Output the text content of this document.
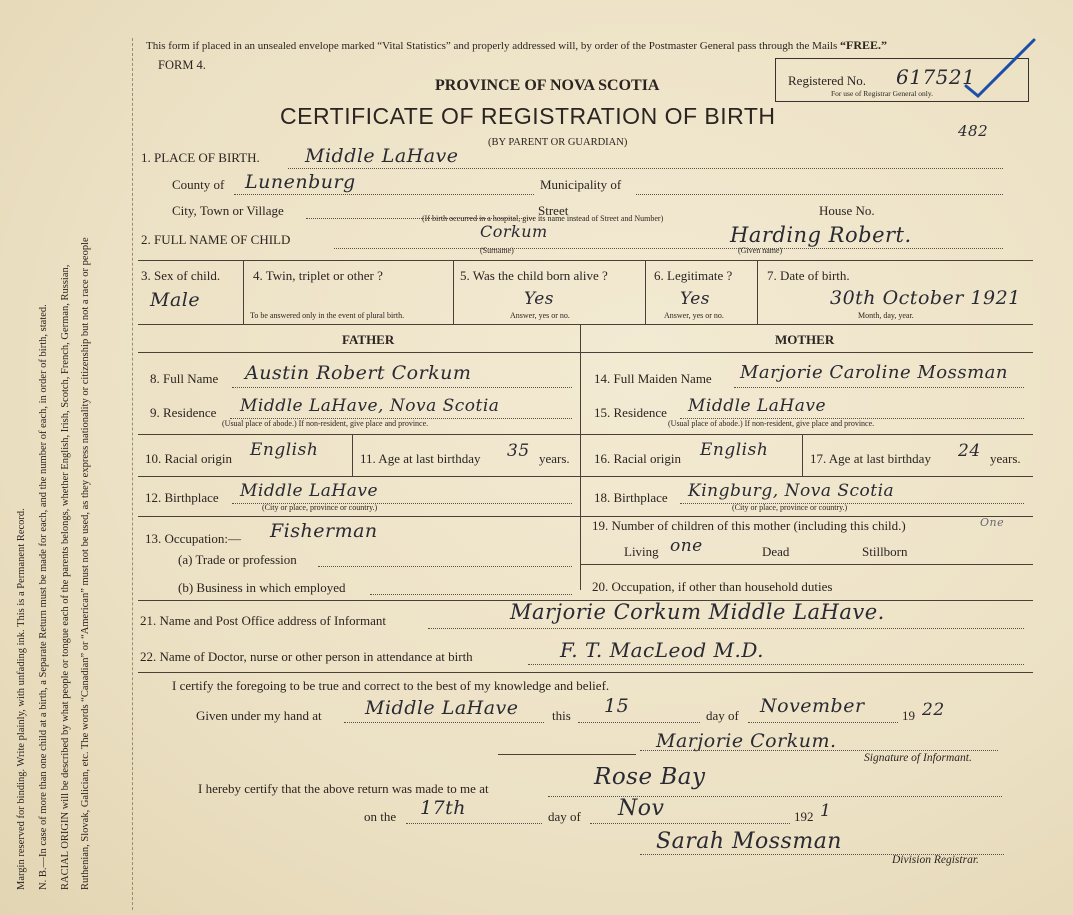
Margin reserved for binding. Write plainly, with unfading ink. This is a Permanent Record. N. B.—In case of more than one child at a birth, a Separate Return must be made for each, and the number of each, in order of birth, stated. RACIAL ORIGIN will be described by what people or tongue each of the parents belongs, whether English, Irish, Scotch, French, German, Russian, Ruthenian, Slovak, Galician, etc. The words “Canadian” or “American” must not be used, as they express nationality or citizenship but not a race or people
This form if placed in an unsealed envelope marked “Vital Statistics” and properly addressed will, by order of the Postmaster General pass through the Mails “FREE.”
FORM 4.
PROVINCE OF NOVA SCOTIA
CERTIFICATE OF REGISTRATION OF BIRTH
(BY PARENT OR GUARDIAN)
Registered No. 617521
For use of Registrar General only.
482
1. PLACE OF BIRTH. Middle LaHave
County of Lunenburg	Municipality of
City, Town or Village	Street	House No.
(If birth occurred in a hospital, give its name instead of Street and Number)
2. FULL NAME OF CHILD	Corkum
(Surname)
Harding Robert.
(Given name)
3. Sex of child.
Male
4. Twin, triplet or other ?
To be answered only in the event of plural birth.
5. Was the child born alive ?
Yes
Answer, yes or no.
6. Legitimate ?
Yes
Answer, yes or no.
7. Date of birth.
30th October 1921
Month, day, year.
FATHER	MOTHER
8. Full Name Austin Robert Corkum
9. Residence Middle LaHave, Nova Scotia
(Usual place of abode.) If non-resident, give place and province.
10. Racial origin English	11. Age at last birthday 35 years.
12. Birthplace Middle LaHave
(City or place, province or country.)
13. Occupation:— Fisherman
(a) Trade or profession
(b) Business in which employed
14. Full Maiden Name Marjorie Caroline Mossman
15. Residence Middle LaHave
(Usual place of abode.) If non-resident, give place and province.
16. Racial origin English	17. Age at last birthday 24 years.
18. Birthplace Kingburg, Nova Scotia
(City or place, province or country.)
19. Number of children of this mother (including this child.)	One
Living one	Dead	Stillborn
20. Occupation, if other than household duties
21. Name and Post Office address of Informant	Marjorie Corkum Middle LaHave.
22. Name of Doctor, nurse or other person in attendance at birth	F. T. MacLeod M.D.
I certify the foregoing to be true and correct to the best of my knowledge and belief.
Given under my hand at Middle LaHave	this 15	day of November	19 22
Marjorie Corkum.
Signature of Informant.
I hereby certify that the above return was made to me at	Rose Bay
on the 17th	day of Nov	192 1
Sarah Mossman
Division Registrar.
